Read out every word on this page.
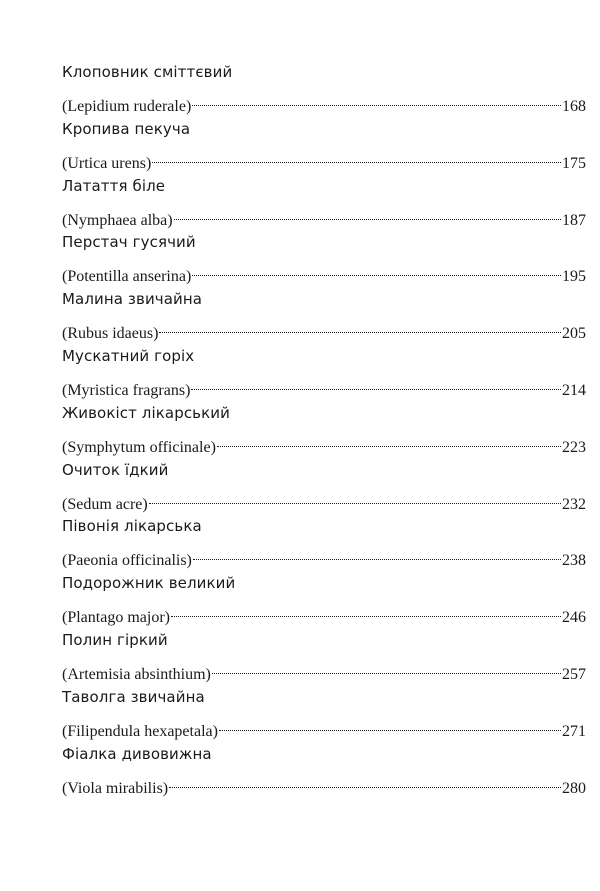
Клоповник сміттєвий
(Lepidium ruderale)	168
Кропива пекуча
(Urtica urens)	175
Латаття біле
(Nymphaea alba)	187
Перстач гусячий
(Potentilla anserina)	195
Малина звичайна
(Rubus idaeus)	205
Мускатний горіх
(Myristica fragrans)	214
Живокіст лікарський
(Symphytum officinale)	223
Очиток їдкий
(Sedum acre)	232
Півонія лікарська
(Paeonia officinalis)	238
Подорожник великий
(Plantago major)	246
Полин гіркий
(Artemisia absinthium)	257
Таволга звичайна
(Filipendula hexapetala)	271
Фіалка дивовижна
(Viola mirabilis)	280
